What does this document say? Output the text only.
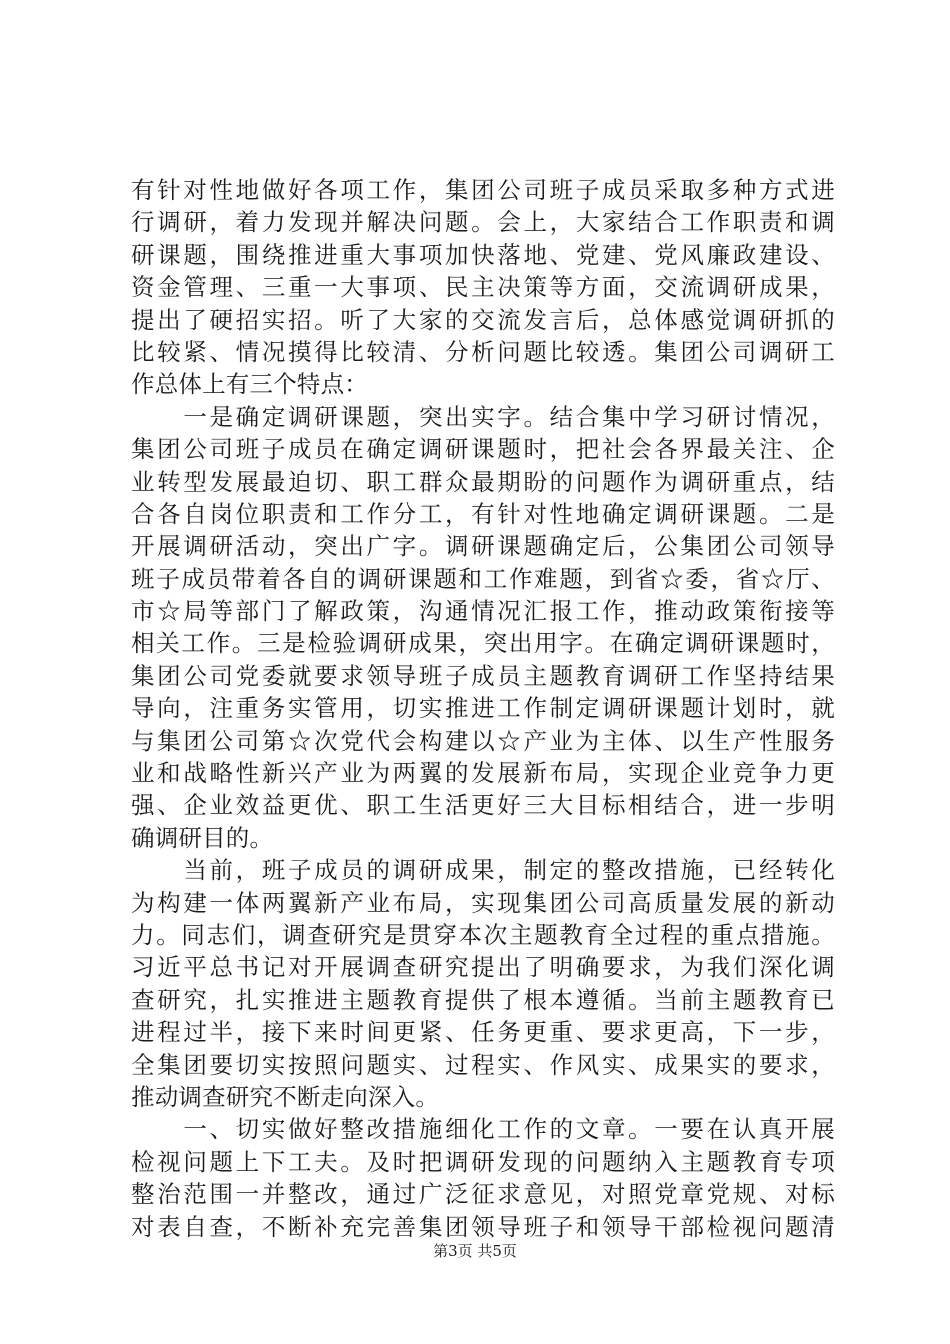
有针对性地做好各项工作，集团公司班子成员采取多种方式进
行调研，着力发现并解决问题。会上，大家结合工作职责和调
研课题，围绕推进重大事项加快落地、党建、党风廉政建设、
资金管理、三重一大事项、民主决策等方面，交流调研成果，
提出了硬招实招。听了大家的交流发言后，总体感觉调研抓的
比较紧、情况摸得比较清、分析问题比较透。集团公司调研工
作总体上有三个特点：
　　一是确定调研课题，突出实字。结合集中学习研讨情况，
集团公司班子成员在确定调研课题时，把社会各界最关注、企
业转型发展最迫切、职工群众最期盼的问题作为调研重点，结
合各自岗位职责和工作分工，有针对性地确定调研课题。二是
开展调研活动，突出广字。调研课题确定后，公集团公司领导
班子成员带着各自的调研课题和工作难题，到省☆委，省☆厅、
市☆局等部门了解政策，沟通情况汇报工作，推动政策衔接等
相关工作。三是检验调研成果，突出用字。在确定调研课题时，
集团公司党委就要求领导班子成员主题教育调研工作坚持结果
导向，注重务实管用，切实推进工作制定调研课题计划时，就
与集团公司第☆次党代会构建以☆产业为主体、以生产性服务
业和战略性新兴产业为两翼的发展新布局，实现企业竞争力更
强、企业效益更优、职工生活更好三大目标相结合，进一步明
确调研目的。
　　当前，班子成员的调研成果，制定的整改措施，已经转化
为构建一体两翼新产业布局，实现集团公司高质量发展的新动
力。同志们，调查研究是贯穿本次主题教育全过程的重点措施。
习近平总书记对开展调查研究提出了明确要求，为我们深化调
查研究，扎实推进主题教育提供了根本遵循。当前主题教育已
进程过半，接下来时间更紧、任务更重、要求更高，下一步，
全集团要切实按照问题实、过程实、作风实、成果实的要求，
推动调查研究不断走向深入。
　　一、切实做好整改措施细化工作的文章。一要在认真开展
检视问题上下工夫。及时把调研发现的问题纳入主题教育专项
整治范围一并整改，通过广泛征求意见，对照党章党规、对标
对表自查，不断补充完善集团领导班子和领导干部检视问题清
第3页 共5页
